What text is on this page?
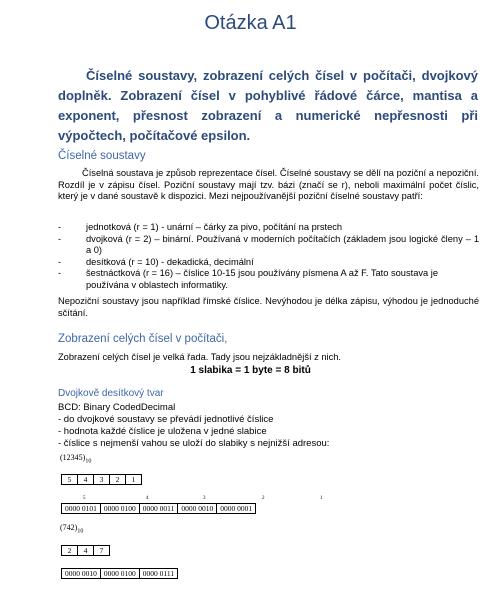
Otázka A1
Číselné soustavy, zobrazení celých čísel v počítači, dvojkový doplněk. Zobrazení čísel v pohyblivé řádové čárce, mantisa a exponent, přesnost zobrazení a numerické nepřesnosti při výpočtech, počítačové epsilon.
Číselné soustavy
Číselná soustava je způsob reprezentace čísel. Číselné soustavy se dělí na poziční a nepoziční. Rozdíl je v zápisu čísel. Poziční soustavy mají tzv. bázi (značí se r), neboli maximální počet číslic, který je v dané soustavě k dispozici. Mezi nejpoužívanější poziční číselné soustavy patří:
-	jednotková (r = 1) - unární – čárky za pivo, počítání na prstech
-	dvojková (r = 2) – binární. Používaná v moderních počítačích (základem jsou logické členy – 1 a 0)
-	desítková (r = 10) - dekadická, decimální
-	šestnáctková (r = 16) – číslice 10-15 jsou používány písmena A až F. Tato soustava je používána v oblastech informatiky.
Nepoziční soustavy jsou například římské číslice. Nevýhodou je délka zápisu, výhodou je jednoduché sčítání.
Zobrazení celých čísel v počítači,
Zobrazení celých čísel je velká řada. Tady jsou nejzákladnější z nich.
1 slabika = 1 byte = 8 bitů
Dvojkově desítkový tvar
BCD: Binary CodedDecimal
- do dvojkové soustavy se převádí jednotlivé číslice
- hodnota každé číslice je uložena v jedné slabice
- číslice s nejmenší vahou se uloží do slabiky s nejnižší adresou:
$(12345)_{10}$
5	4	3	2	1
5	4	3	2	1
0000 0101	0000 0100	0000 0011	0000 0010	0000 0001
$(742)_{10}$
2	4	7
0000 0010	0000 0100	0000 0111
